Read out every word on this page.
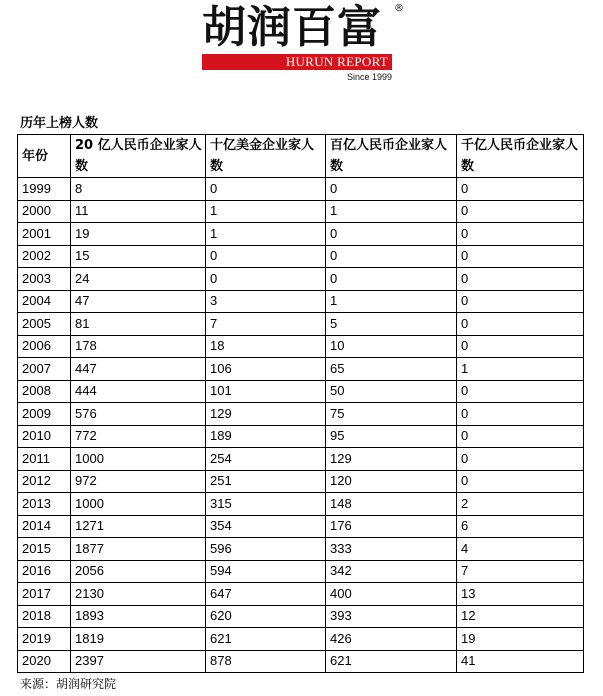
胡润百富	®
HURUN REPORT
Since 1999
历年上榜人数
年份	20 亿人民币企业家人数	十亿美金企业家人数	百亿人民币企业家人数	千亿人民币企业家人数
1999	8	0	0	0
2000	11	1	1	0
2001	19	1	0	0
2002	15	0	0	0
2003	24	0	0	0
2004	47	3	1	0
2005	81	7	5	0
2006	178	18	10	0
2007	447	106	65	1
2008	444	101	50	0
2009	576	129	75	0
2010	772	189	95	0
2011	1000	254	129	0
2012	972	251	120	0
2013	1000	315	148	2
2014	1271	354	176	6
2015	1877	596	333	4
2016	2056	594	342	7
2017	2130	647	400	13
2018	1893	620	393	12
2019	1819	621	426	19
2020	2397	878	621	41
来源：胡润研究院
